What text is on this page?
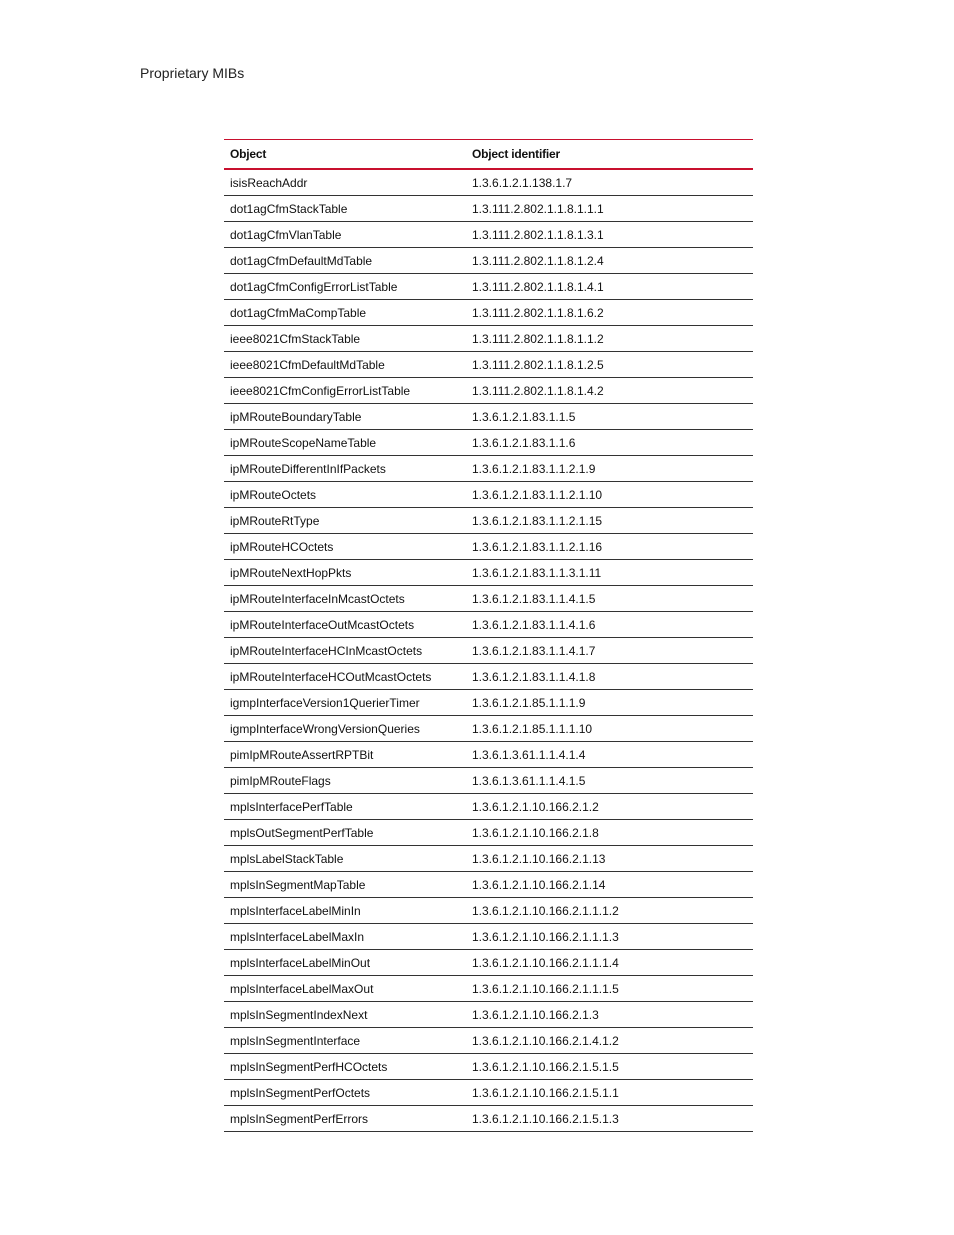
Proprietary MIBs
Object	Object identifier
isisReachAddr	1.3.6.1.2.1.138.1.7
dot1agCfmStackTable	1.3.111.2.802.1.1.8.1.1.1
dot1agCfmVlanTable	1.3.111.2.802.1.1.8.1.3.1
dot1agCfmDefaultMdTable	1.3.111.2.802.1.1.8.1.2.4
dot1agCfmConfigErrorListTable	1.3.111.2.802.1.1.8.1.4.1
dot1agCfmMaCompTable	1.3.111.2.802.1.1.8.1.6.2
ieee8021CfmStackTable	1.3.111.2.802.1.1.8.1.1.2
ieee8021CfmDefaultMdTable	1.3.111.2.802.1.1.8.1.2.5
ieee8021CfmConfigErrorListTable	1.3.111.2.802.1.1.8.1.4.2
ipMRouteBoundaryTable	1.3.6.1.2.1.83.1.1.5
ipMRouteScopeNameTable	1.3.6.1.2.1.83.1.1.6
ipMRouteDifferentInIfPackets	1.3.6.1.2.1.83.1.1.2.1.9
ipMRouteOctets	1.3.6.1.2.1.83.1.1.2.1.10
ipMRouteRtType	1.3.6.1.2.1.83.1.1.2.1.15
ipMRouteHCOctets	1.3.6.1.2.1.83.1.1.2.1.16
ipMRouteNextHopPkts	1.3.6.1.2.1.83.1.1.3.1.11
ipMRouteInterfaceInMcastOctets	1.3.6.1.2.1.83.1.1.4.1.5
ipMRouteInterfaceOutMcastOctets	1.3.6.1.2.1.83.1.1.4.1.6
ipMRouteInterfaceHCInMcastOctets	1.3.6.1.2.1.83.1.1.4.1.7
ipMRouteInterfaceHCOutMcastOctets	1.3.6.1.2.1.83.1.1.4.1.8
igmpInterfaceVersion1QuerierTimer	1.3.6.1.2.1.85.1.1.1.9
igmpInterfaceWrongVersionQueries	1.3.6.1.2.1.85.1.1.1.10
pimIpMRouteAssertRPTBit	1.3.6.1.3.61.1.1.4.1.4
pimIpMRouteFlags	1.3.6.1.3.61.1.1.4.1.5
mplsInterfacePerfTable	1.3.6.1.2.1.10.166.2.1.2
mplsOutSegmentPerfTable	1.3.6.1.2.1.10.166.2.1.8
mplsLabelStackTable	1.3.6.1.2.1.10.166.2.1.13
mplsInSegmentMapTable	1.3.6.1.2.1.10.166.2.1.14
mplsInterfaceLabelMinIn	1.3.6.1.2.1.10.166.2.1.1.1.2
mplsInterfaceLabelMaxIn	1.3.6.1.2.1.10.166.2.1.1.1.3
mplsInterfaceLabelMinOut	1.3.6.1.2.1.10.166.2.1.1.1.4
mplsInterfaceLabelMaxOut	1.3.6.1.2.1.10.166.2.1.1.1.5
mplsInSegmentIndexNext	1.3.6.1.2.1.10.166.2.1.3
mplsInSegmentInterface	1.3.6.1.2.1.10.166.2.1.4.1.2
mplsInSegmentPerfHCOctets	1.3.6.1.2.1.10.166.2.1.5.1.5
mplsInSegmentPerfOctets	1.3.6.1.2.1.10.166.2.1.5.1.1
mplsInSegmentPerfErrors	1.3.6.1.2.1.10.166.2.1.5.1.3
